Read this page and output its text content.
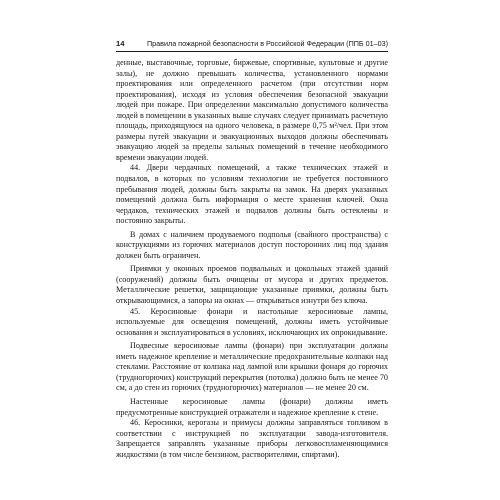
14	Правила пожарной безопасности в Российской Федерации (ППБ 01–03)

денные, выставочные, торговые, биржевые, спортивные, культовые и другие залы), не должно превышать количества, установленного нормами проектирования или определенного расчетом (при отсутствии норм проектирования), исходя из условия обеспечения безопасной эвакуации людей при пожаре. При определении максимально допустимого количества людей в помещении в указанных выше случаях следует принимать расчетную площадь, приходящуюся на одного человека, в размере 0,75 м²/чел. При этом размеры путей эвакуации и эвакуационных выходов должны обеспечивать эвакуацию людей за пределы зальных помещений в течение необходимого времени эвакуации людей.

44. Двери чердачных помещений, а также технических этажей и подвалов, в которых по условиям технологии не требуется постоянного пребывания людей, должны быть закрыты на замок. На дверях указанных помещений должна быть информация о месте хранения ключей. Окна чердаков, технических этажей и подвалов должны быть остеклены и постоянно закрыты.

В домах с наличием продуваемого подполья (свайного пространства) с конструкциями из горючих материалов доступ посторонних лиц под здания должен быть ограничен.

Приямки у оконных проемов подвальных и цокольных этажей зданий (сооружений) должны быть очищены от мусора и других предметов. Металлические решетки, защищающие указанные приямки, должны быть открывающимися, а запоры на окнах — открываться изнутри без ключа.

45. Керосиновые фонари и настольные керосиновые лампы, используемые для освещения помещений, должны иметь устойчивые основания и эксплуатироваться в условиях, исключающих их опрокидывание.

Подвесные керосиновые лампы (фонари) при эксплуатации должны иметь надежное крепление и металлические предохранительные колпаки над стеклами. Расстояние от колпака над лампой или крышки фонаря до горючих (трудногорючих) конструкций перекрытия (потолка) должно быть не менее 70 см, а до стен из горючих (трудногорючих) материалов — не менее 20 см.

Настенные керосиновые лампы (фонари) должны иметь предусмотренные конструкцией отражатели и надежное крепление к стене.

46. Керосинки, керогазы и примусы должны заправляться топливом в соответствии с инструкцией по эксплуатации завода-изготовителя. Запрещается заправлять указанные приборы легковоспламеняющимися жидкостями (в том числе бензином, растворителями, спиртами).
